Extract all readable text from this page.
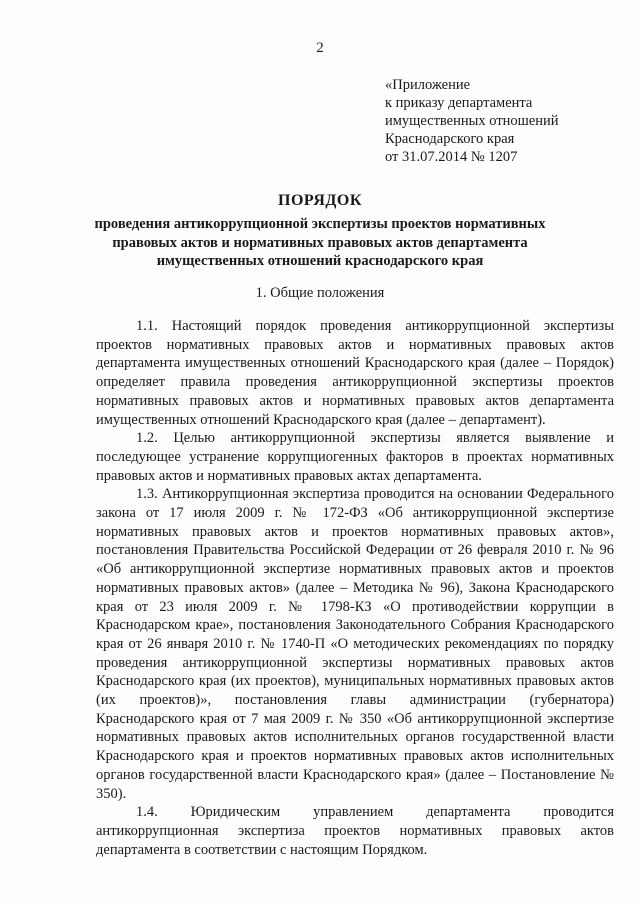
2
«Приложение
к приказу департамента
имущественных отношений
Краснодарского края
от 31.07.2014 № 1207
ПОРЯДОК
проведения антикоррупционной экспертизы проектов нормативных
правовых актов и нормативных правовых актов департамента
имущественных отношений краснодарского края
1. Общие положения

1.1. Настоящий порядок проведения антикоррупционной экспертизы проектов нормативных правовых актов и нормативных правовых актов департамента имущественных отношений Краснодарского края (далее – Порядок) определяет правила проведения антикоррупционной экспертизы проектов нормативных правовых актов и нормативных правовых актов департамента имущественных отношений Краснодарского края (далее – департамент).

1.2. Целью антикоррупционной экспертизы является выявление и последующее устранение коррупциогенных факторов в проектах нормативных правовых актов и нормативных правовых актах департамента.

1.3. Антикоррупционная экспертиза проводится на основании Федерального закона от 17 июля 2009 г. № 172-ФЗ «Об антикоррупционной экспертизе нормативных правовых актов и проектов нормативных правовых актов», постановления Правительства Российской Федерации от 26 февраля 2010 г. № 96 «Об антикоррупционной экспертизе нормативных правовых актов и проектов нормативных правовых актов» (далее – Методика № 96), Закона Краснодарского края от 23 июля 2009 г. № 1798-КЗ «О противодействии коррупции в Краснодарском крае», постановления Законодательного Собрания Краснодарского края от 26 января 2010 г. № 1740-П «О методических рекомендациях по порядку проведения антикоррупционной экспертизы нормативных правовых актов Краснодарского края (их проектов), муниципальных нормативных правовых актов (их проектов)», постановления главы администрации (губернатора) Краснодарского края от 7 мая 2009 г. № 350 «Об антикоррупционной экспертизе нормативных правовых актов исполнительных органов государственной власти Краснодарского края и проектов нормативных правовых актов исполнительных органов государственной власти Краснодарского края» (далее – Постановление № 350).

1.4. Юридическим управлением департамента проводится антикоррупционная экспертиза проектов нормативных правовых актов департамента в соответствии с настоящим Порядком.
